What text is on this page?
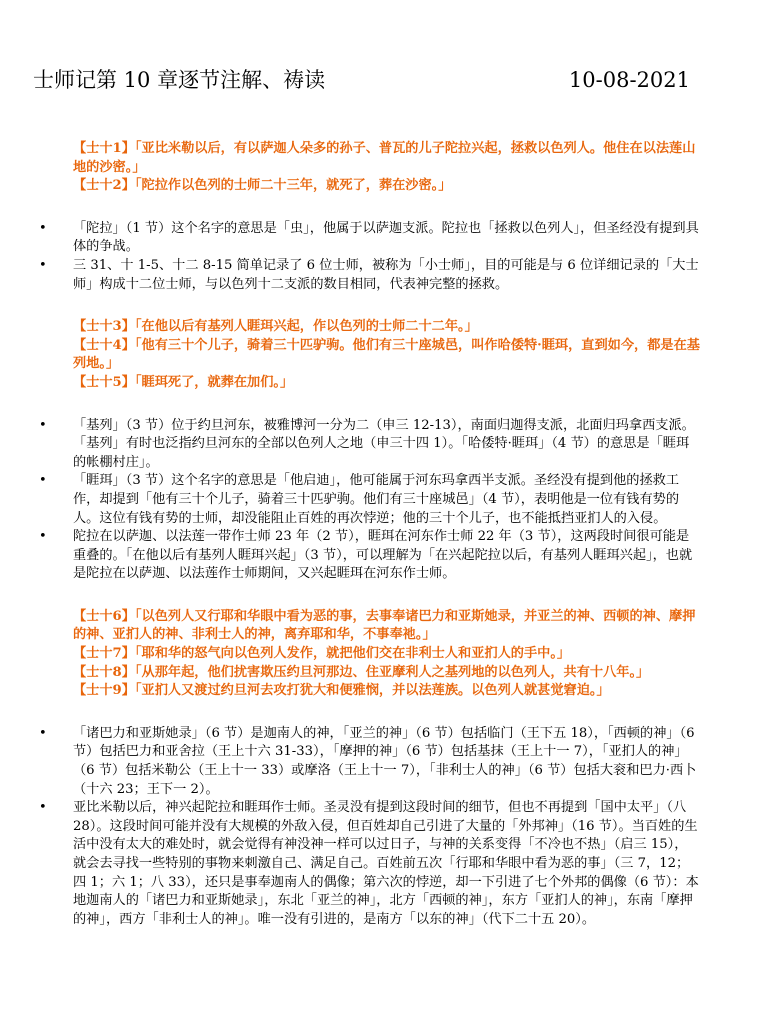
士师记第 10 章逐节注解、祷读	10-08-2021

【士十1】「亚比米勒以后，有以萨迦人朵多的孙子、普瓦的儿子陀拉兴起，拯救以色列人。他住在以法莲山地的沙密。」

【士十2】「陀拉作以色列的士师二十三年，就死了，葬在沙密。」

• 「陀拉」（1 节）这个名字的意思是「虫」，他属于以萨迦支派。陀拉也「拯救以色列人」，但圣经没有提到具体的争战。
• 三 31、十 1-5、十二 8-15 简单记录了 6 位士师，被称为「小士师」，目的可能是与 6 位详细记录的「大士师」构成十二位士师，与以色列十二支派的数目相同，代表神完整的拯救。

【士十3】「在他以后有基列人睚珥兴起，作以色列的士师二十二年。」

【士十4】「他有三十个儿子，骑着三十匹驴驹。他们有三十座城邑，叫作哈倭特·睚珥，直到如今，都是在基列地。」

【士十5】「睚珥死了，就葬在加们。」

• 「基列」（3 节）位于约旦河东，被雅博河一分为二（申三 12-13），南面归迦得支派，北面归玛拿西支派。「基列」有时也泛指约旦河东的全部以色列人之地（申三十四 1）。「哈倭特·睚珥」（4 节）的意思是「睚珥的帐棚村庄」。
• 「睚珥」（3 节）这个名字的意思是「他启迪」，他可能属于河东玛拿西半支派。圣经没有提到他的拯救工作，却提到「他有三十个儿子，骑着三十匹驴驹。他们有三十座城邑」（4 节），表明他是一位有钱有势的人。这位有钱有势的士师，却没能阻止百姓的再次悖逆；他的三十个儿子，也不能抵挡亚扪人的入侵。
• 陀拉在以萨迦、以法莲一带作士师 23 年（2 节），睚珥在河东作士师 22 年（3 节），这两段时间很可能是重叠的。「在他以后有基列人睚珥兴起」（3 节），可以理解为「在兴起陀拉以后，有基列人睚珥兴起」，也就是陀拉在以萨迦、以法莲作士师期间，又兴起睚珥在河东作士师。

【士十6】「以色列人又行耶和华眼中看为恶的事，去事奉诸巴力和亚斯她录，并亚兰的神、西顿的神、摩押的神、亚扪人的神、非利士人的神，离弃耶和华，不事奉祂。」

【士十7】「耶和华的怒气向以色列人发作，就把他们交在非利士人和亚扪人的手中。」

【士十8】「从那年起，他们扰害欺压约旦河那边、住亚摩利人之基列地的以色列人，共有十八年。」

【士十9】「亚扪人又渡过约旦河去攻打犹大和便雅悯，并以法莲族。以色列人就甚觉窘迫。」

• 「诸巴力和亚斯她录」（6 节）是迦南人的神，「亚兰的神」（6 节）包括临门（王下五 18），「西顿的神」（6 节）包括巴力和亚舍拉（王上十六 31-33），「摩押的神」（6 节）包括基抹（王上十一 7），「亚扪人的神」（6 节）包括米勒公（王上十一 33）或摩洛（王上十一 7），「非利士人的神」（6 节）包括大衮和巴力·西卜（十六 23；王下一 2）。
• 亚比米勒以后，神兴起陀拉和睚珥作士师。圣灵没有提到这段时间的细节，但也不再提到「国中太平」（八 28）。这段时间可能并没有大规模的外敌入侵，但百姓却自己引进了大量的「外邦神」（16 节）。当百姓的生活中没有太大的难处时，就会觉得有神没神一样可以过日子，与神的关系变得「不冷也不热」（启三 15），就会去寻找一些特别的事物来刺激自己、满足自己。百姓前五次「行耶和华眼中看为恶的事」（三 7，12；四 1；六 1；八 33），还只是事奉迦南人的偶像；第六次的悖逆，却一下引进了七个外邦的偶像（6 节）：本地迦南人的「诸巴力和亚斯她录」，东北「亚兰的神」，北方「西顿的神」，东方「亚扪人的神」，东南「摩押的神」，西方「非利士人的神」。唯一没有引进的，是南方「以东的神」（代下二十五 20）。
